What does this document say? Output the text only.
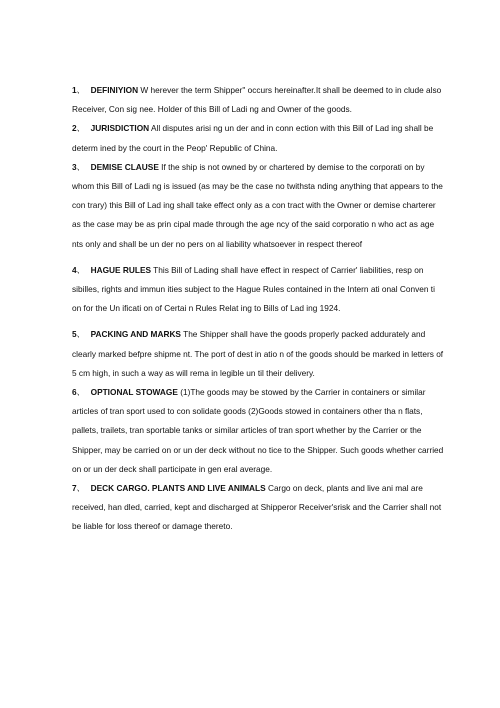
1、 DEFINIYION W herever the term Shipper" occurs hereinafter.It shall be deemed to in clude also Receiver, Con sig nee. Holder of this Bill of Ladi ng and Owner of the goods.

2、 JURISDICTION All disputes arisi ng un der and in conn ection with this Bill of Lad ing shall be determ ined by the court in the Peop' Republic of China.

3、 DEMISE CLAUSE If the ship is not owned by or chartered by demise to the corporati on by whom this Bill of Ladi ng is issued (as may be the case no twithsta nding anything that appears to the con trary) this Bill of Lad ing shall take effect only as a con tract with the Owner or demise charterer as the case may be as prin cipal made through the age ncy of the said corporatio n who act as age nts only and shall be un der no pers on al liability whatsoever in respect thereof

4、 HAGUE RULES This Bill of Lading shall have effect in respect of Carrier' liabilities, resp on sibilles, rights and immun ities subject to the Hague Rules contained in the Intern ati onal Conven ti on for the Un ificati on of Certai n Rules Relat ing to Bills of Lad ing 1924.

5、 PACKING AND MARKS The Shipper shall have the goods properly packed addurately and clearly marked befpre shipme nt. The port of dest in atio n of the goods should be marked in letters of 5 cm high, in such a way as will rema in legible un til their delivery.

6、 OPTIONAL STOWAGE (1)The goods may be stowed by the Carrier in containers or similar articles of tran sport used to con solidate goods (2)Goods stowed in containers other tha n flats, pallets, trailets, tran sportable tanks or similar articles of tran sport whether by the Carrier or the Shipper, may be carried on or un der deck without no tice to the Shipper. Such goods whether carried on or un der deck shall participate in gen eral average.

7、 DECK CARGO. PLANTS AND LIVE ANIMALS Cargo on deck, plants and live ani mal are received, han dled, carried, kept and discharged at Shipperor Receiver'srisk and the Carrier shall not be liable for loss thereof or damage thereto.
